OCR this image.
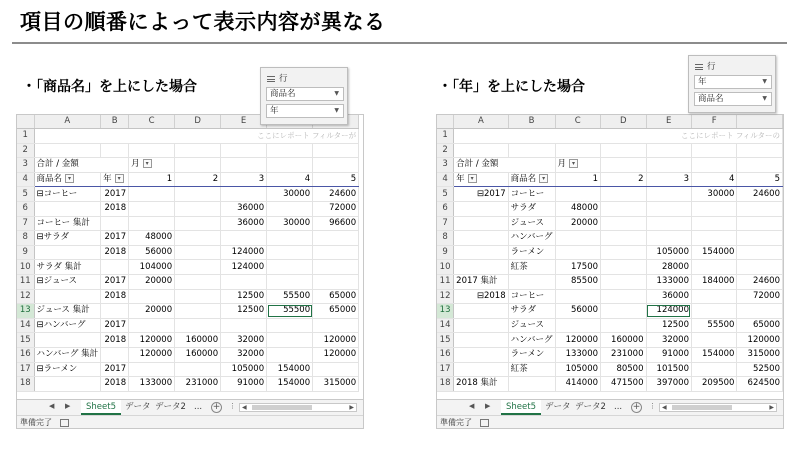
項目の順番によって表示内容が異なる
・「商品名」を上にした場合	・「年」を上にした場合
	A	B	C	D	E		
1	ここにレポート フィルターが						
2							
3	合計 / 金額		月 ▾				
4	商品名 ▾	年 ▾	1	2	3	4	5
5	⊟コーヒー	2017				30000	24600
6		2018			36000		72000
7	コーヒー 集計				36000	30000	96600
8	⊟サラダ	2017	48000				
9		2018	56000		124000		
10	サラダ 集計		104000		124000		
11	⊟ジュース	2017	20000				
12		2018			12500	55500	65000
13	ジュース 集計		20000		12500	55500	65000
14	⊟ハンバーグ	2017					
15		2018	120000	160000	32000		120000
16	ハンバーグ 集計		120000	160000	32000		120000
17	⊟ラーメン	2017			105000	154000	
18		2018	133000	231000	91000	154000	315000
◀ ▶	Sheet5	データ データ2 ...	+ ⋮ ◀	▶
準備完了
	A	B	C	D	E	F	
1	ここにレポート フィルターの						
2							
3	合計 / 金額		月 ▾				
4	年 ▾	商品名 ▾	1	2	3	4	5
5	⊟2017	コーヒー				30000	24600
6		サラダ	48000				
7		ジュース	20000				
8		ハンバーグ					
9		ラーメン			105000	154000	
10		紅茶	17500		28000		
11	2017 集計		85500		133000	184000	24600
12	⊟2018	コーヒー			36000		72000
13		サラダ	56000		124000		
14		ジュース			12500	55500	65000
15		ハンバーグ	120000	160000	32000		120000
16		ラーメン	133000	231000	91000	154000	315000
17		紅茶	105000	80500	101500		52500
18	2018 集計		414000	471500	397000	209500	624500
◀ ▶	Sheet5	データ データ2 ...	+ ⋮ ◀	▶
準備完了
行
商品名	▼
年	▼
行
年	▼
商品名	▼
